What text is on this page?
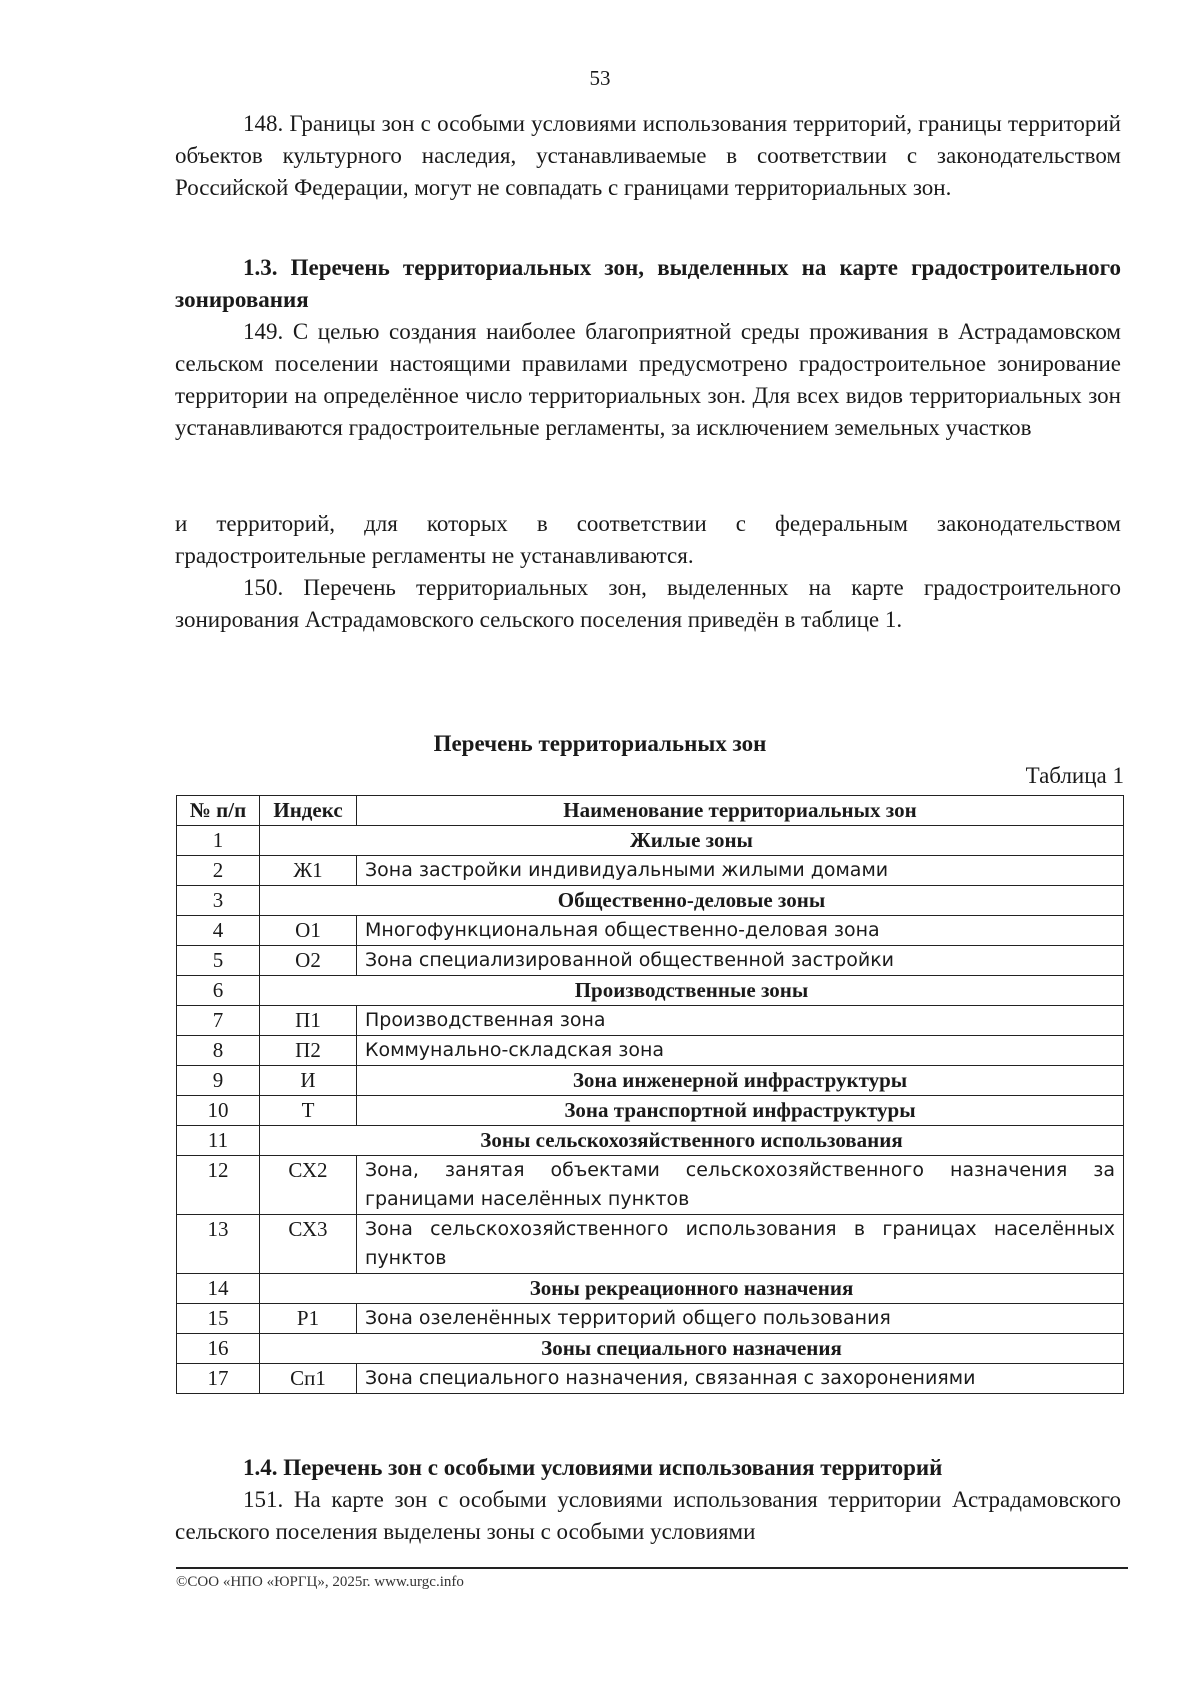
53

148. Границы зон с особыми условиями использования территорий, границы территорий объектов культурного наследия, устанавливаемые в соответствии с законодательством Российской Федерации, могут не совпадать с границами территориальных зон.

1.3. Перечень территориальных зон, выделенных на карте градостроительного зонирования

149. С целью создания наиболее благоприятной среды проживания в Астрадамовском сельском поселении настоящими правилами предусмотрено градостроительное зонирование территории на определённое число территориальных зон. Для всех видов территориальных зон устанавливаются градостроительные регламенты, за исключением земельных участков

и территорий, для которых в соответствии с федеральным законодательством градостроительные регламенты не устанавливаются.

150. Перечень территориальных зон, выделенных на карте градостроительного зонирования Астрадамовского сельского поселения приведён в таблице 1.

Перечень территориальных зон
Таблица 1
№ п/п	Индекс	Наименование территориальных зон
1	Жилые зоны	
2	Ж1	Зона застройки индивидуальными жилыми домами
3	Общественно-деловые зоны	
4	О1	Многофункциональная общественно-деловая зона
5	О2	Зона специализированной общественной застройки
6	Производственные зоны	
7	П1	Производственная зона
8	П2	Коммунально-складская зона
9	И	Зона инженерной инфраструктуры
10	Т	Зона транспортной инфраструктуры
11	Зоны сельскохозяйственного использования	
12	СХ2	Зона, занятая объектами сельскохозяйственного назначения за границами населённых пунктов
13	СХ3	Зона сельскохозяйственного использования в границах населённых пунктов
14	Зоны рекреационного назначения	
15	Р1	Зона озеленённых территорий общего пользования
16	Зоны специального назначения	
17	Сп1	Зона специального назначения, связанная с захоронениями

1.4. Перечень зон с особыми условиями использования территорий

151. На карте зон с особыми условиями использования территории Астрадамовского сельского поселения выделены зоны с особыми условиями

©СОО «НПО «ЮРГЦ», 2025г. www.urgc.info
